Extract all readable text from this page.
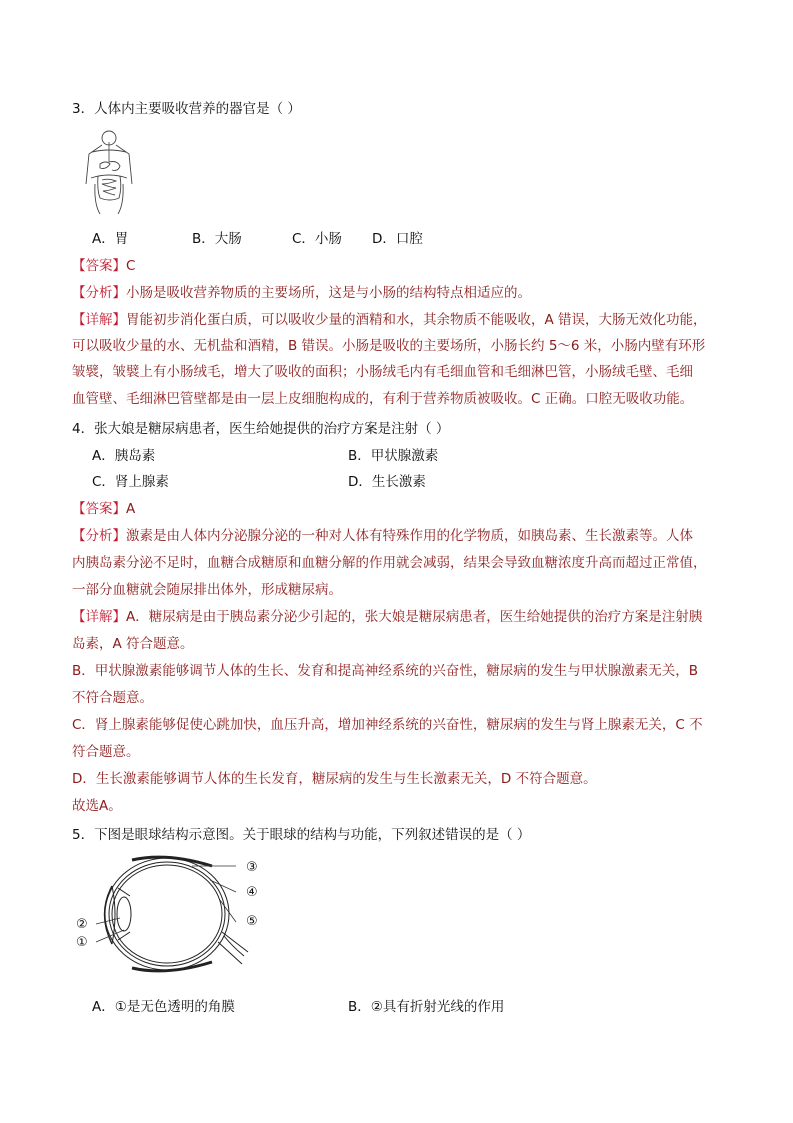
3．人体内主要吸收营养的器官是（ ）
A．胃	B．大肠	C．小肠 D．口腔
【答案】C
【分析】小肠是吸收营养物质的主要场所，这是与小肠的结构特点相适应的。
【详解】胃能初步消化蛋白质，可以吸收少量的酒精和水，其余物质不能吸收，A 错误，大肠无效化功能，
可以吸收少量的水、无机盐和酒精，B 错误。小肠是吸收的主要场所，小肠长约 5～6 米，小肠内壁有环形
皱襞，皱襞上有小肠绒毛，增大了吸收的面积；小肠绒毛内有毛细血管和毛细淋巴管，小肠绒毛壁、毛细
血管壁、毛细淋巴管壁都是由一层上皮细胞构成的，有利于营养物质被吸收。C 正确。口腔无吸收功能。
4．张大娘是糖尿病患者，医生给她提供的治疗方案是注射（ ）
A．胰岛素	B．甲状腺激素
C．肾上腺素	D．生长激素
【答案】A
【分析】激素是由人体内分泌腺分泌的一种对人体有特殊作用的化学物质，如胰岛素、生长激素等。人体
内胰岛素分泌不足时，血糖合成糖原和血糖分解的作用就会减弱，结果会导致血糖浓度升高而超过正常值，
一部分血糖就会随尿排出体外，形成糖尿病。
【详解】A．糖尿病是由于胰岛素分泌少引起的，张大娘是糖尿病患者，医生给她提供的治疗方案是注射胰
岛素，A 符合题意。
B．甲状腺激素能够调节人体的生长、发育和提高神经系统的兴奋性，糖尿病的发生与甲状腺激素无关，B
不符合题意。
C．肾上腺素能够促使心跳加快，血压升高，增加神经系统的兴奋性，糖尿病的发生与肾上腺素无关，C 不
符合题意。
D．生长激素能够调节人体的生长发育，糖尿病的发生与生长激素无关，D 不符合题意。
故选A。
5．下图是眼球结构示意图。关于眼球的结构与功能，下列叙述错误的是（ ）
③
④
⑤
②
①
A．①是无色透明的角膜	B．②具有折射光线的作用
